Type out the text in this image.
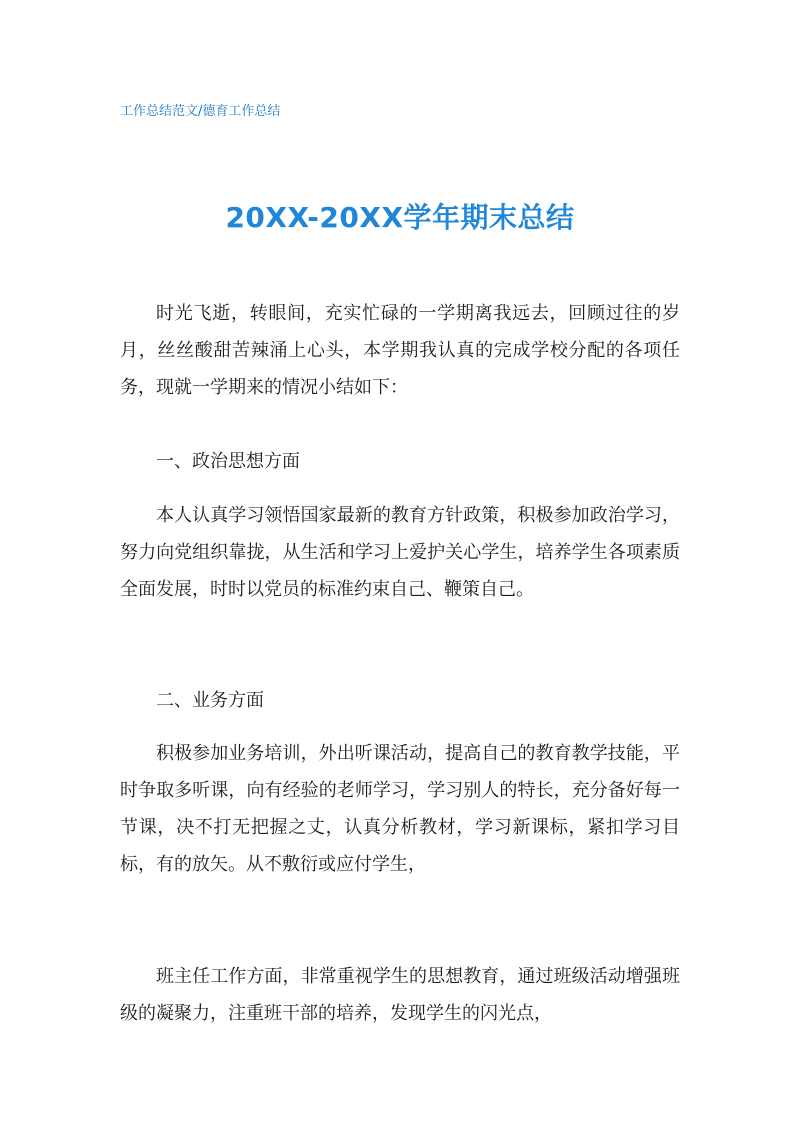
工作总结范文/德育工作总结
20XX-20XX学年期末总结

时光飞逝，转眼间，充实忙碌的一学期离我远去，回顾过往的岁月，丝丝酸甜苦辣涌上心头，本学期我认真的完成学校分配的各项任务，现就一学期来的情况小结如下：

一、政治思想方面

本人认真学习领悟国家最新的教育方针政策，积极参加政治学习，努力向党组织靠拢，从生活和学习上爱护关心学生，培养学生各项素质全面发展，时时以党员的标准约束自己、鞭策自己。

二、业务方面

积极参加业务培训，外出听课活动，提高自己的教育教学技能，平时争取多听课，向有经验的老师学习，学习别人的特长，充分备好每一节课，决不打无把握之丈，认真分析教材，学习新课标，紧扣学习目标，有的放矢。从不敷衍或应付学生，

班主任工作方面，非常重视学生的思想教育，通过班级活动增强班级的凝聚力，注重班干部的培养，发现学生的闪光点，
